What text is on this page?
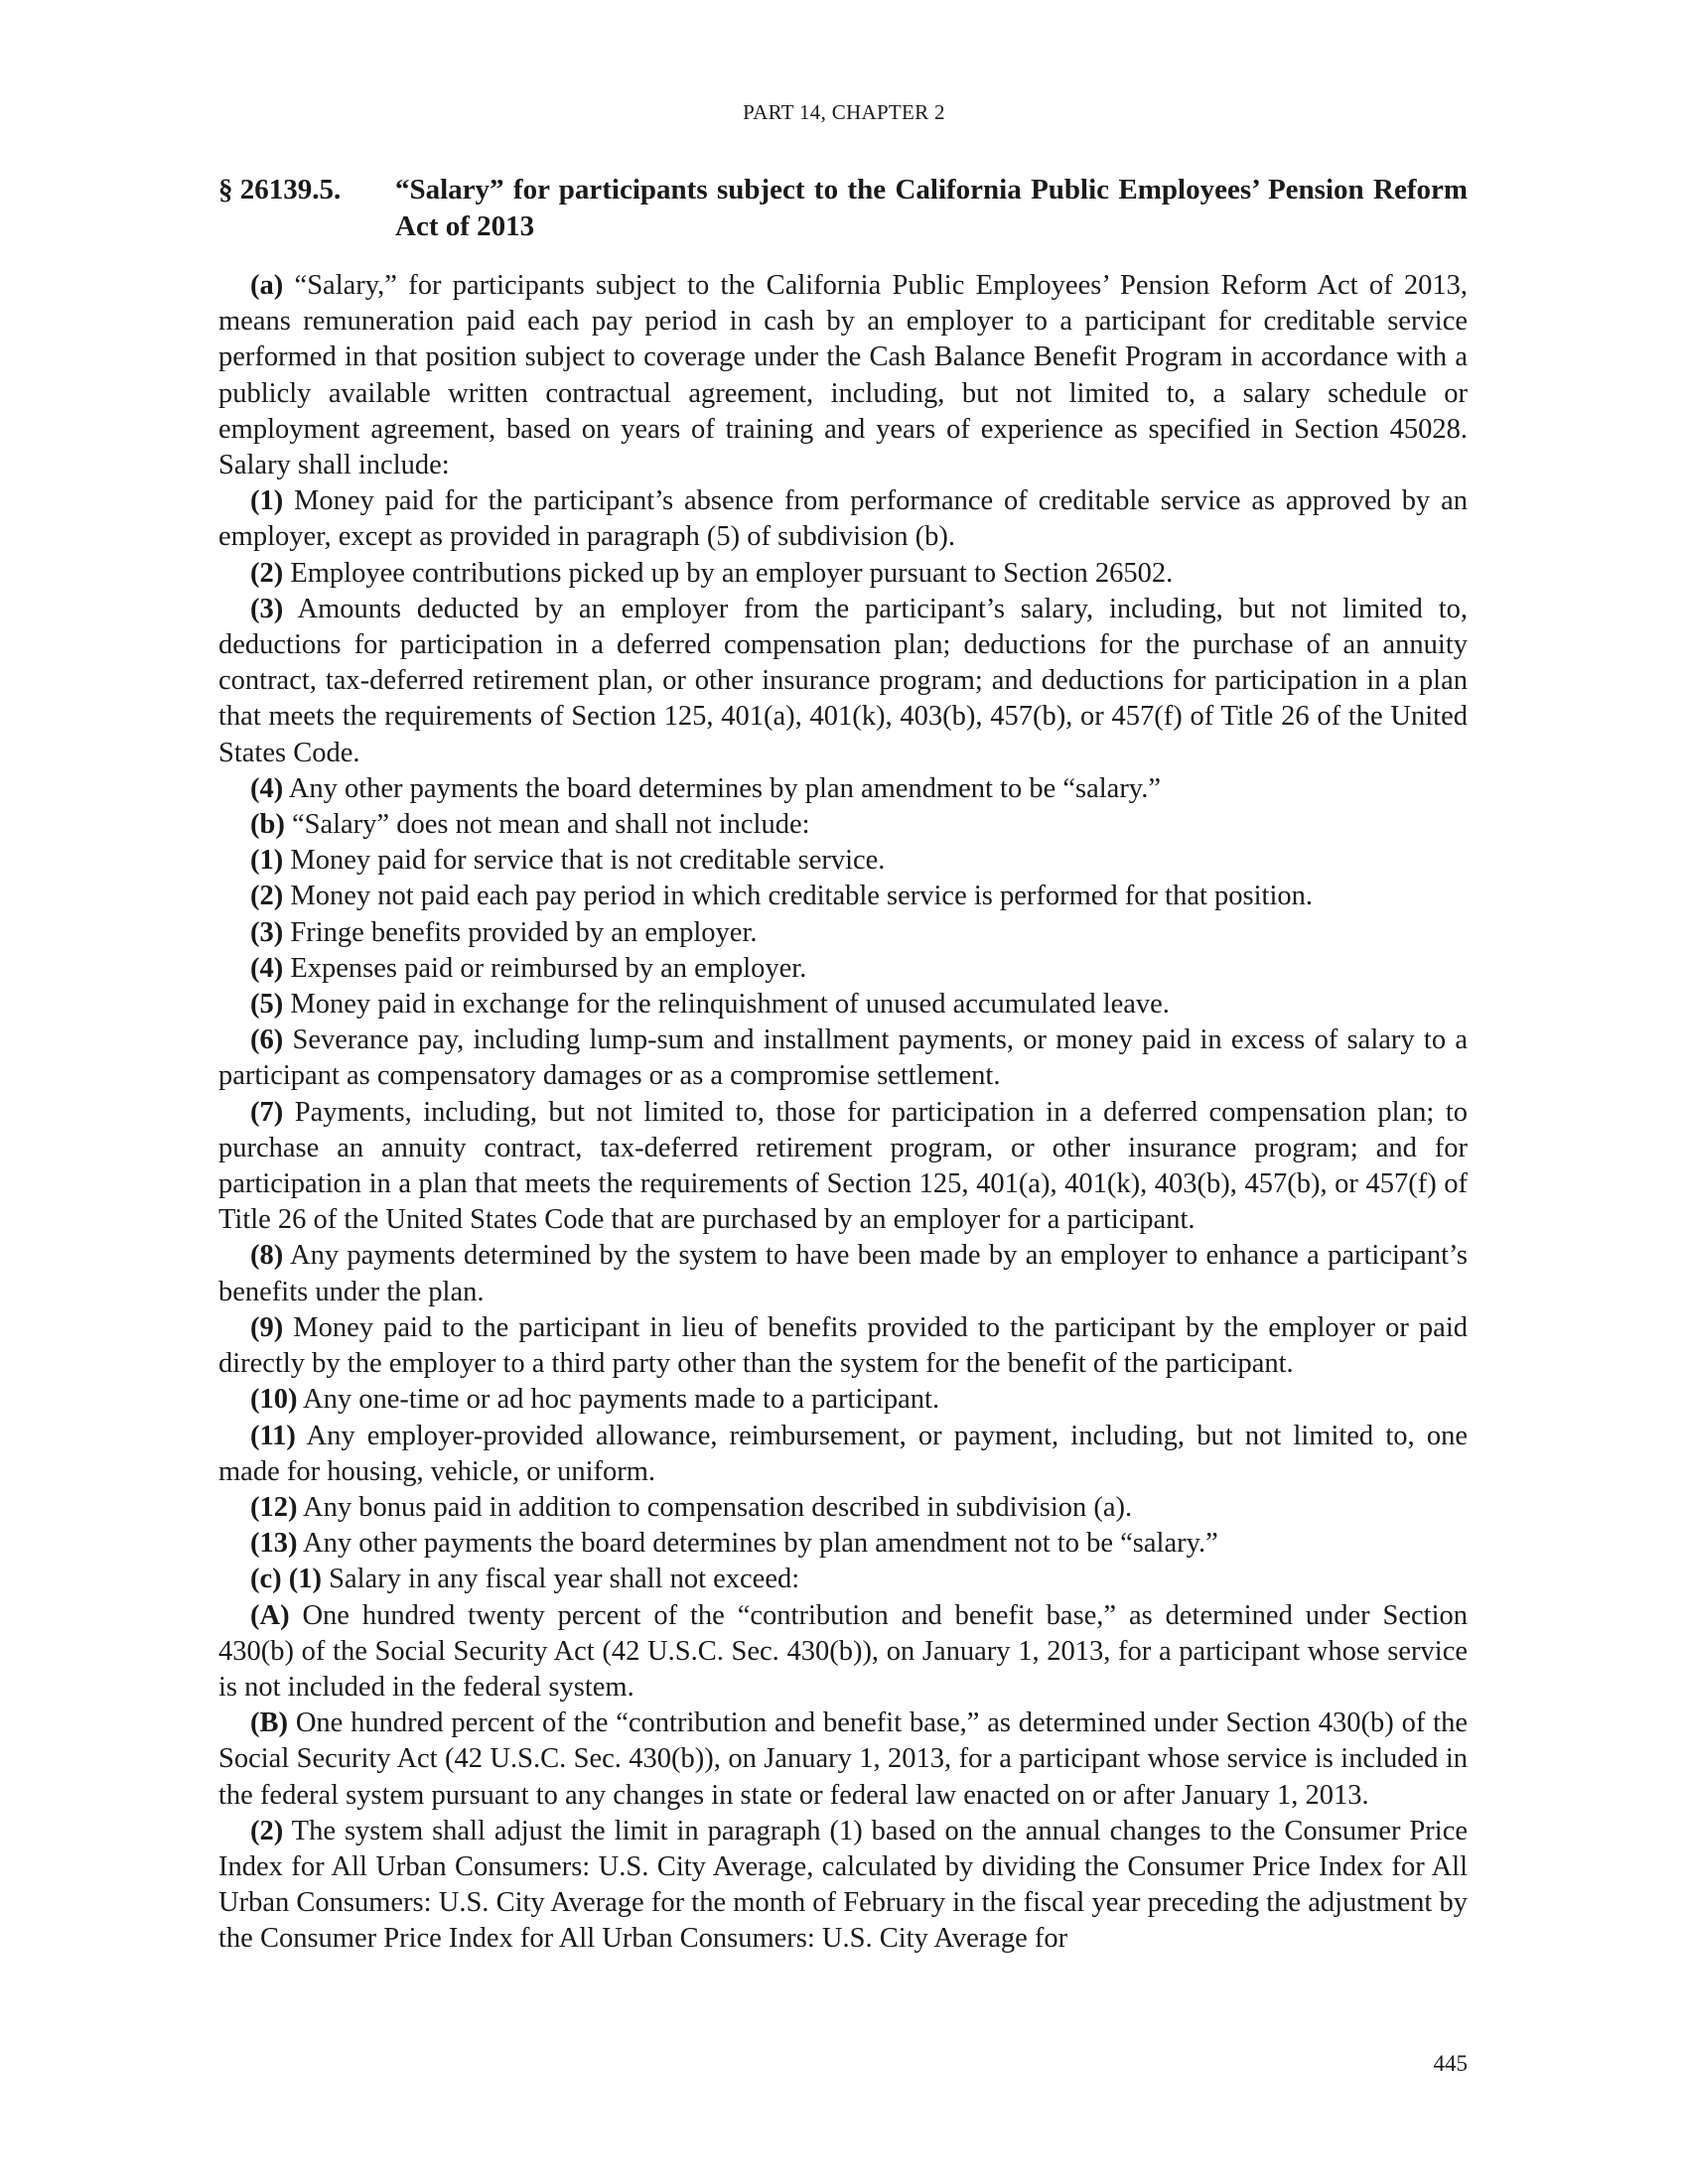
PART 14, CHAPTER 2
§ 26139.5. “Salary” for participants subject to the California Public Employees’ Pension Reform Act of 2013

(a) “Salary,” for participants subject to the California Public Employees’ Pension Reform Act of 2013, means remuneration paid each pay period in cash by an employer to a participant for creditable service performed in that position subject to coverage under the Cash Balance Benefit Program in accordance with a publicly available written contractual agreement, including, but not limited to, a salary schedule or employment agreement, based on years of training and years of experience as specified in Section 45028. Salary shall include:

(1) Money paid for the participant’s absence from performance of creditable service as approved by an employer, except as provided in paragraph (5) of subdivision (b).

(2) Employee contributions picked up by an employer pursuant to Section 26502.

(3) Amounts deducted by an employer from the participant’s salary, including, but not limited to, deductions for participation in a deferred compensation plan; deductions for the purchase of an annuity contract, tax-deferred retirement plan, or other insurance program; and deductions for participation in a plan that meets the requirements of Section 125, 401(a), 401(k), 403(b), 457(b), or 457(f) of Title 26 of the United States Code.

(4) Any other payments the board determines by plan amendment to be “salary.”

(b) “Salary” does not mean and shall not include:

(1) Money paid for service that is not creditable service.

(2) Money not paid each pay period in which creditable service is performed for that position.

(3) Fringe benefits provided by an employer.

(4) Expenses paid or reimbursed by an employer.

(5) Money paid in exchange for the relinquishment of unused accumulated leave.

(6) Severance pay, including lump-sum and installment payments, or money paid in excess of salary to a participant as compensatory damages or as a compromise settlement.

(7) Payments, including, but not limited to, those for participation in a deferred compensation plan; to purchase an annuity contract, tax-deferred retirement program, or other insurance program; and for participation in a plan that meets the requirements of Section 125, 401(a), 401(k), 403(b), 457(b), or 457(f) of Title 26 of the United States Code that are purchased by an employer for a participant.

(8) Any payments determined by the system to have been made by an employer to enhance a participant’s benefits under the plan.

(9) Money paid to the participant in lieu of benefits provided to the participant by the employer or paid directly by the employer to a third party other than the system for the benefit of the participant.

(10) Any one-time or ad hoc payments made to a participant.

(11) Any employer-provided allowance, reimbursement, or payment, including, but not limited to, one made for housing, vehicle, or uniform.

(12) Any bonus paid in addition to compensation described in subdivision (a).

(13) Any other payments the board determines by plan amendment not to be “salary.”

(c) (1) Salary in any fiscal year shall not exceed:

(A) One hundred twenty percent of the “contribution and benefit base,” as determined under Section 430(b) of the Social Security Act (42 U.S.C. Sec. 430(b)), on January 1, 2013, for a participant whose service is not included in the federal system.

(B) One hundred percent of the “contribution and benefit base,” as determined under Section 430(b) of the Social Security Act (42 U.S.C. Sec. 430(b)), on January 1, 2013, for a participant whose service is included in the federal system pursuant to any changes in state or federal law enacted on or after January 1, 2013.

(2) The system shall adjust the limit in paragraph (1) based on the annual changes to the Consumer Price Index for All Urban Consumers: U.S. City Average, calculated by dividing the Consumer Price Index for All Urban Consumers: U.S. City Average for the month of February in the fiscal year preceding the adjustment by the Consumer Price Index for All Urban Consumers: U.S. City Average for

445
